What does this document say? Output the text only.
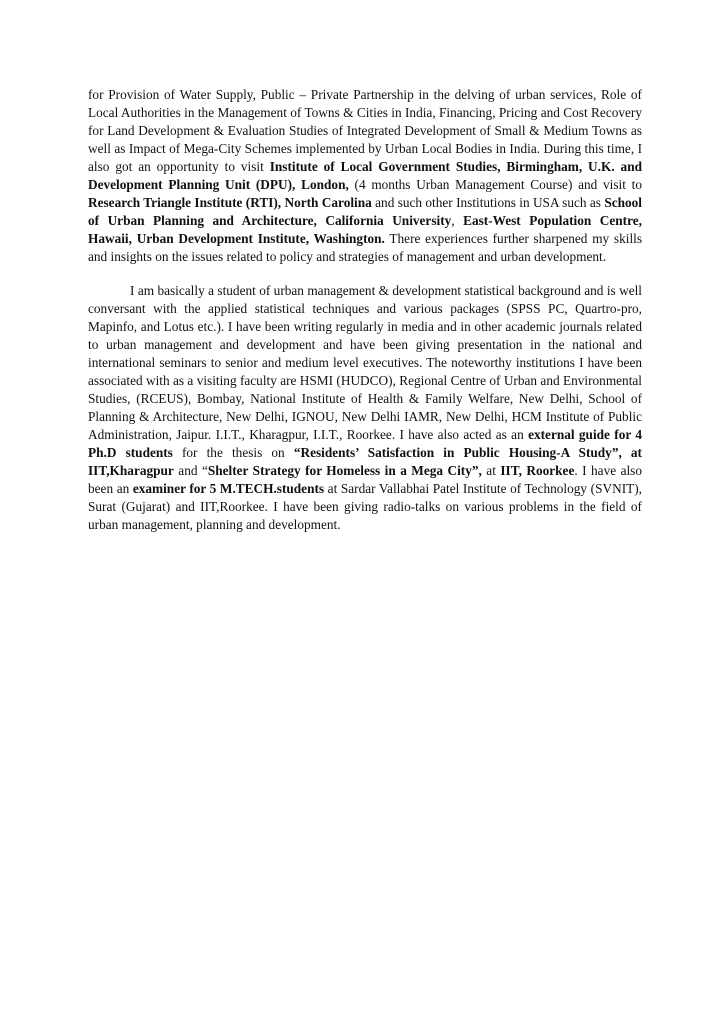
for Provision of Water Supply, Public – Private Partnership in the delving of urban services, Role of Local Authorities in the Management of Towns & Cities in India, Financing, Pricing and Cost Recovery for Land Development & Evaluation Studies of Integrated Development of Small & Medium Towns as well as Impact of Mega-City Schemes implemented by Urban Local Bodies in India. During this time, I also got an opportunity to visit Institute of Local Government Studies, Birmingham, U.K. and Development Planning Unit (DPU), London, (4 months Urban Management Course) and visit to Research Triangle Institute (RTI), North Carolina and such other Institutions in USA such as School of Urban Planning and Architecture, California University, East-West Population Centre, Hawaii, Urban Development Institute, Washington. There experiences further sharpened my skills and insights on the issues related to policy and strategies of management and urban development.

I am basically a student of urban management & development statistical background and is well conversant with the applied statistical techniques and various packages (SPSS PC, Quartro-pro, Mapinfo, and Lotus etc.). I have been writing regularly in media and in other academic journals related to urban management and development and have been giving presentation in the national and international seminars to senior and medium level executives. The noteworthy institutions I have been associated with as a visiting faculty are HSMI (HUDCO), Regional Centre of Urban and Environmental Studies, (RCEUS), Bombay, National Institute of Health & Family Welfare, New Delhi, School of Planning & Architecture, New Delhi, IGNOU, New Delhi IAMR, New Delhi, HCM Institute of Public Administration, Jaipur. I.I.T., Kharagpur, I.I.T., Roorkee. I have also acted as an external guide for 4 Ph.D students for the thesis on “Residents’ Satisfaction in Public Housing-A Study”, at IIT,Kharagpur and “Shelter Strategy for Homeless in a Mega City”, at IIT, Roorkee. I have also been an examiner for 5 M.TECH.students at Sardar Vallabhai Patel Institute of Technology (SVNIT), Surat (Gujarat) and IIT,Roorkee. I have been giving radio-talks on various problems in the field of urban management, planning and development.
